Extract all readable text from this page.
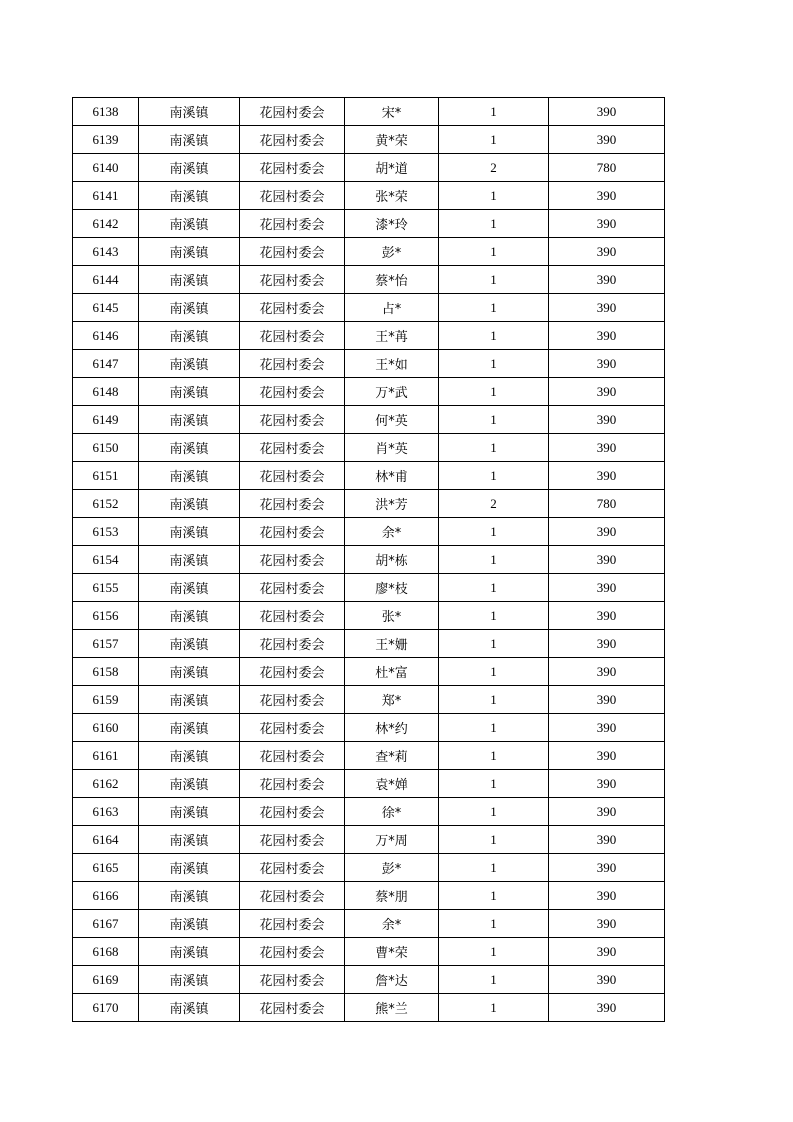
6138	南溪镇	花园村委会	宋*	1	390
6139	南溪镇	花园村委会	黄*荣	1	390
6140	南溪镇	花园村委会	胡*道	2	780
6141	南溪镇	花园村委会	张*荣	1	390
6142	南溪镇	花园村委会	漆*玲	1	390
6143	南溪镇	花园村委会	彭*	1	390
6144	南溪镇	花园村委会	蔡*怡	1	390
6145	南溪镇	花园村委会	占*	1	390
6146	南溪镇	花园村委会	王*苒	1	390
6147	南溪镇	花园村委会	王*如	1	390
6148	南溪镇	花园村委会	万*武	1	390
6149	南溪镇	花园村委会	何*英	1	390
6150	南溪镇	花园村委会	肖*英	1	390
6151	南溪镇	花园村委会	林*甫	1	390
6152	南溪镇	花园村委会	洪*芳	2	780
6153	南溪镇	花园村委会	余*	1	390
6154	南溪镇	花园村委会	胡*栋	1	390
6155	南溪镇	花园村委会	廖*枝	1	390
6156	南溪镇	花园村委会	张*	1	390
6157	南溪镇	花园村委会	王*姗	1	390
6158	南溪镇	花园村委会	杜*富	1	390
6159	南溪镇	花园村委会	郑*	1	390
6160	南溪镇	花园村委会	林*约	1	390
6161	南溪镇	花园村委会	查*莉	1	390
6162	南溪镇	花园村委会	袁*婵	1	390
6163	南溪镇	花园村委会	徐*	1	390
6164	南溪镇	花园村委会	万*周	1	390
6165	南溪镇	花园村委会	彭*	1	390
6166	南溪镇	花园村委会	蔡*朋	1	390
6167	南溪镇	花园村委会	余*	1	390
6168	南溪镇	花园村委会	曹*荣	1	390
6169	南溪镇	花园村委会	詹*达	1	390
6170	南溪镇	花园村委会	熊*兰	1	390
